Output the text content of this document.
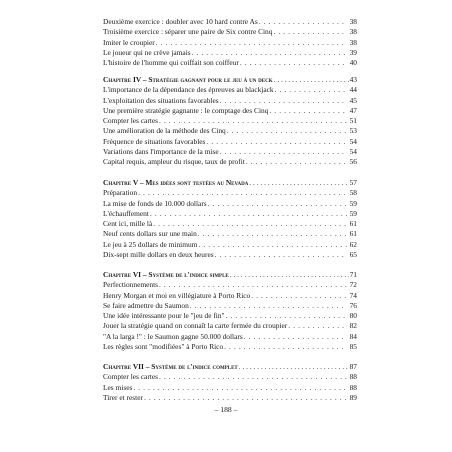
Deuxième exercice : doubler avec 10 hard contre As . . .	38
Troisième exercice : séparer une paire de Six contre Cinq . . .	38
Imiter le croupier . . .	38
Le joueur qui ne crève jamais . . .	39
L'histoire de l'homme qui coiffait son coiffeur . . .	40
Chapitre IV – Stratégie gagnant pour le jeu à un deck . . .	43
L'importance de la dépendance des épreuves au blackjack . . .	44
L'exploitation des situations favorables . . .	45
Une première stratégie gagnante : le comptage des Cinq . . .	47
Compter les cartes . . .	51
Une amélioration de la méthode des Cinq . . .	53
Fréquence de situations favorables . . .	54
Variations dans l'importance de la mise . . .	54
Capital requis, ampleur du risque, taux de profit . . .	56
Chapitre V – Mes idées sont testées au Nevada . . .	57
Préparation . . .	58
La mise de fonds de 10.000 dollars . . .	59
L'échauffement . . .	59
Cent ici, mille là . . .	61
Neuf cents dollars sur une main . . .	61
Le jeu à 25 dollars de minimum . . .	62
Dix-sept mille dollars en deux heures . . .	65
Chapitre VI – Système de l'indice simple . . .	71
Perfectionnements . . .	72
Henry Morgan et moi en villégiature à Porto Rico . . .	74
Se faire admettre du Saumon . . .	76
Une idée intéressante pour le "jeu de fin" . . .	80
Jouer la stratégie quand on connaît la carte fermée du croupier . . .	82
"A la larga !" : le Saumon gagne 50.000 dollars . . .	84
Les règles sont "modifiées" à Porto Rico . . .	85
Chapitre VII – Système de l'indice complet . . .	87
Compter les cartes . . .	88
Les mises . . .	88
Tirer et rester . . .	89
– 188 –
